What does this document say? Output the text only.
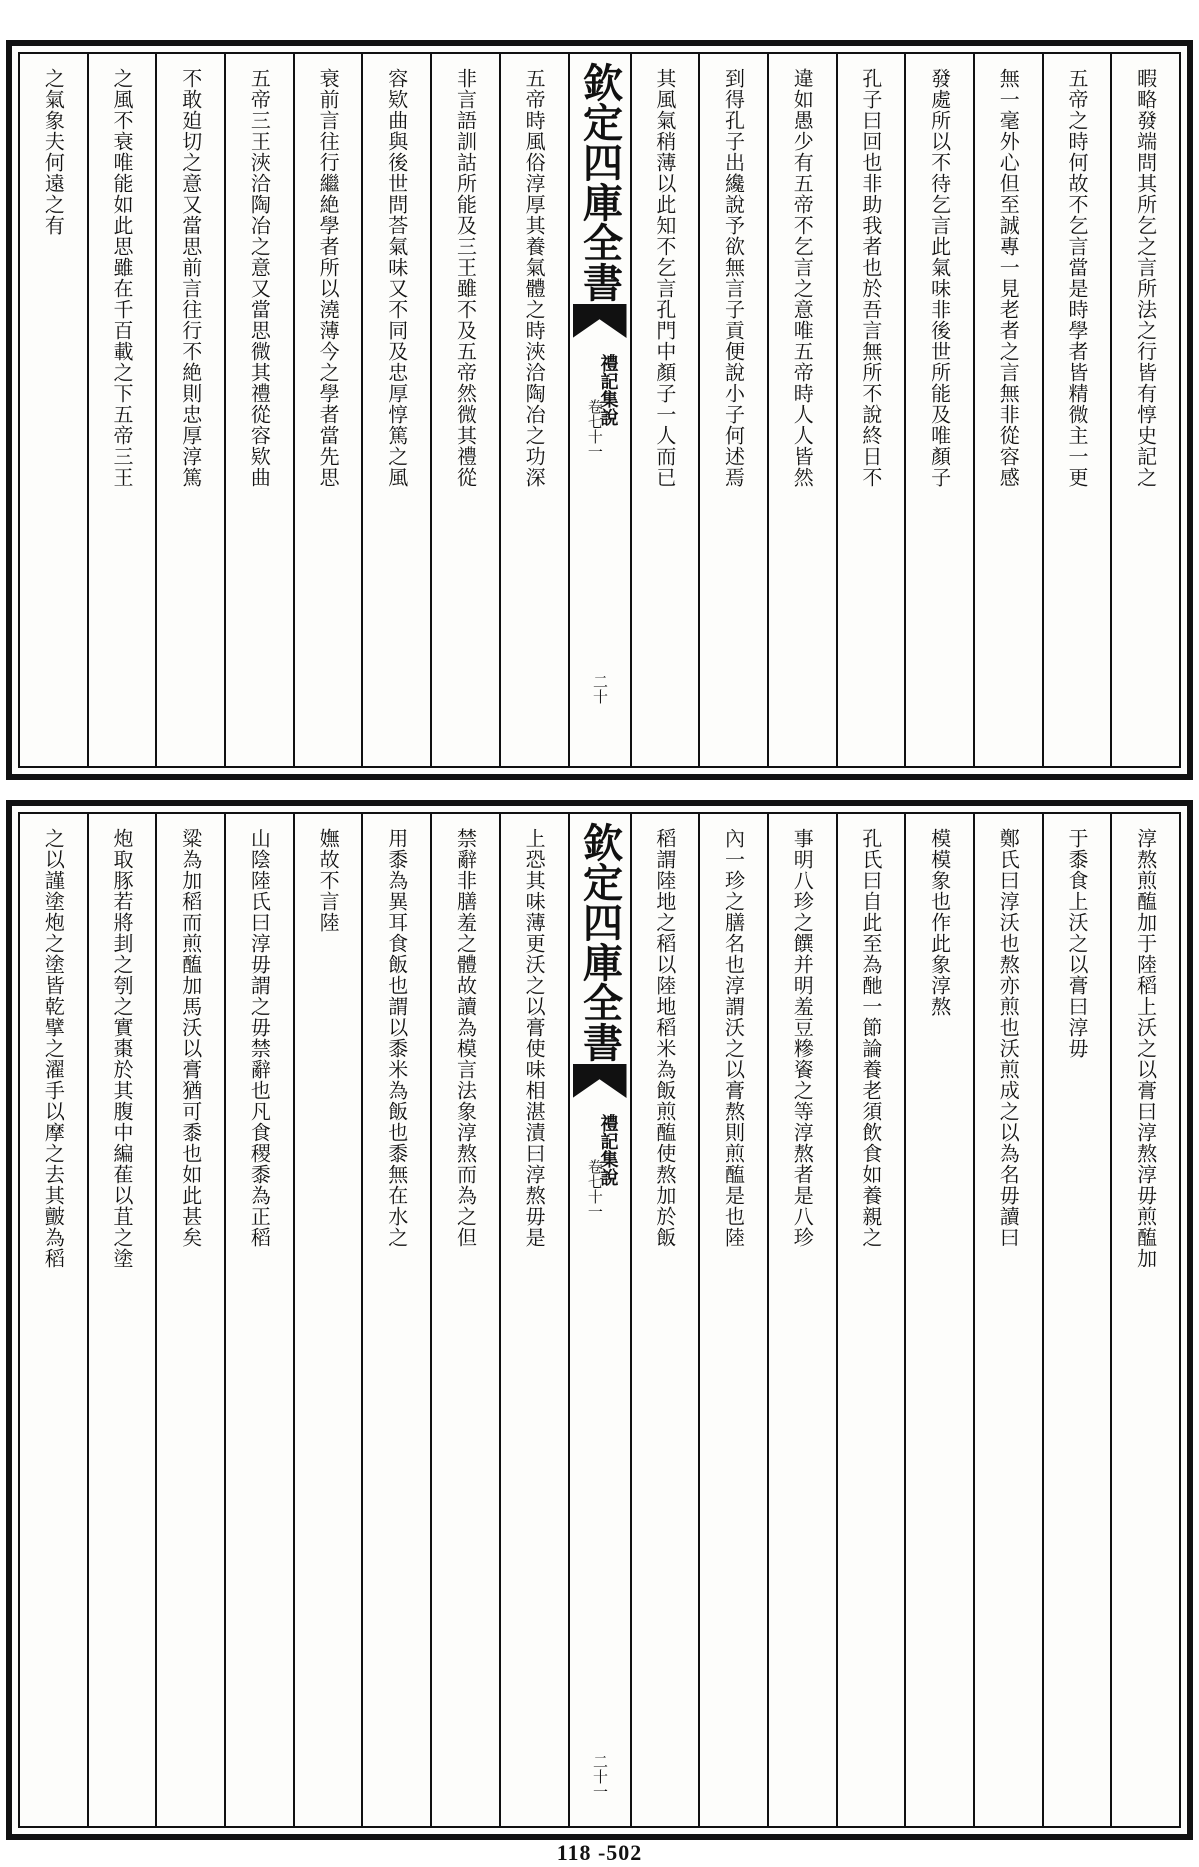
暇略發端問其所乞之言所法之行皆有惇史記之
五帝之時何故不乞言當是時學者皆精微主一更
無一毫外心但至誠專一見老者之言無非從容感
發處所以不待乞言此氣味非後世所能及唯顏子
孔子曰回也非助我者也於吾言無所不說終日不
違如愚少有五帝不乞言之意唯五帝時人人皆然
到得孔子出纔說予欲無言子貢便說小子何述焉
其風氣稍薄以此知不乞言孔門中顏子一人而已
欽定四庫全書
禮記集說
卷七十一
二十
五帝時風俗淳厚其養氣體之時浹洽陶冶之功深
非言語訓詁所能及三王雖不及五帝然微其禮從
容欵曲與後世問荅氣味又不同及忠厚惇篤之風
衰前言往行繼絶學者所以澆薄今之學者當先思
五帝三王浹洽陶冶之意又當思微其禮從容欵曲
不敢廹切之意又當思前言往行不絶則忠厚淳篤
之風不衰唯能如此思雖在千百載之下五帝三王
之氣象夫何遠之有
淳熬煎醢加于陸稻上沃之以膏曰淳熬淳毋煎醢加
于黍食上沃之以膏曰淳毋
鄭氏曰淳沃也熬亦煎也沃煎成之以為名毋讀曰
模模象也作此象淳熬
孔氏曰自此至為酏一節論養老須飲食如養親之
事明八珍之饌并明羞豆糝餈之等淳熬者是八珍
內一珍之膳名也淳謂沃之以膏熬則煎醢是也陸
稻謂陸地之稻以陸地稻米為飯煎醢使熬加於飯
欽定四庫全書
禮記集說
卷七十一
二十一
上恐其味薄更沃之以膏使味相湛漬曰淳熬毋是
禁辭非膳羞之體故讀為模言法象淳熬而為之但
用黍為異耳食飯也謂以黍米為飯也黍無在水之
嫵故不言陸
山陰陸氏曰淳毋謂之毋禁辭也凡食稷黍為正稻
粱為加稻而煎醢加馬沃以膏猶可黍也如此甚矣
炮取豚若將刲之刳之實棗於其腹中編萑以苴之塗
之以謹塗炮之塗皆乾擘之濯手以摩之去其皽為稻
118 -502
